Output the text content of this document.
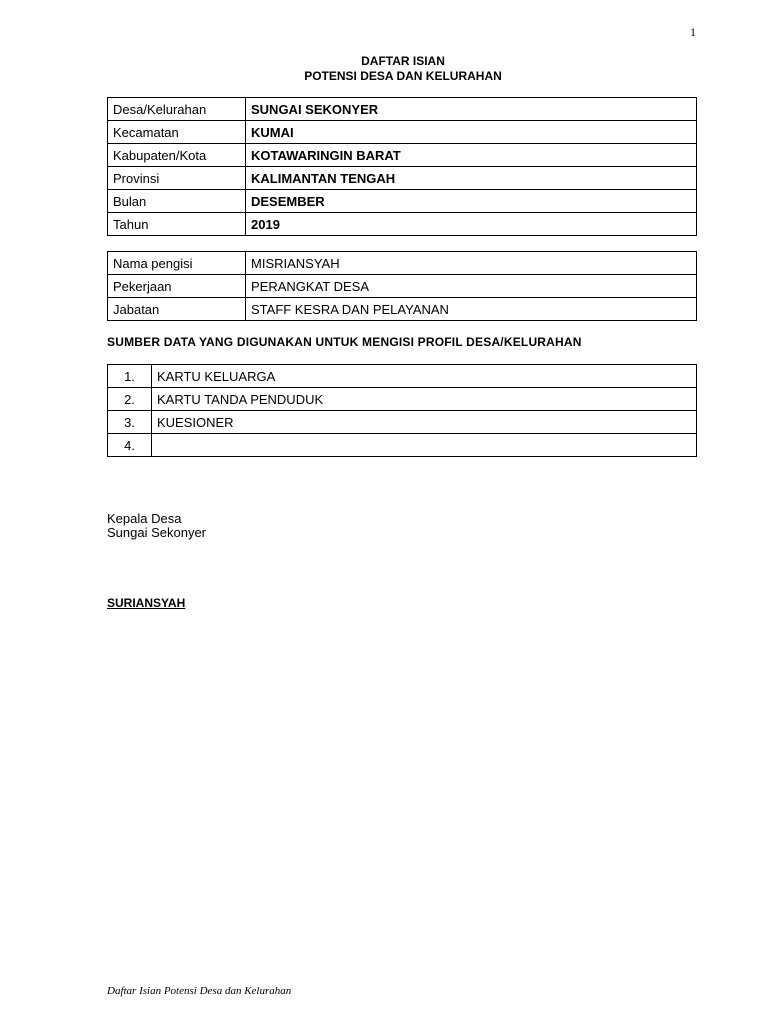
1
DAFTAR ISIAN
POTENSI DESA DAN KELURAHAN
Desa/Kelurahan	SUNGAI SEKONYER
Kecamatan	KUMAI
Kabupaten/Kota	KOTAWARINGIN BARAT
Provinsi	KALIMANTAN TENGAH
Bulan	DESEMBER
Tahun	2019
Nama pengisi	MISRIANSYAH
Pekerjaan	PERANGKAT DESA
Jabatan	STAFF KESRA DAN PELAYANAN
SUMBER DATA YANG DIGUNAKAN UNTUK MENGISI PROFIL DESA/KELURAHAN
1.	KARTU KELUARGA
2.	KARTU TANDA PENDUDUK
3.	KUESIONER
4.	
Kepala Desa
Sungai Sekonyer
SURIANSYAH
Daftar Isian Potensi Desa dan Kelurahan
